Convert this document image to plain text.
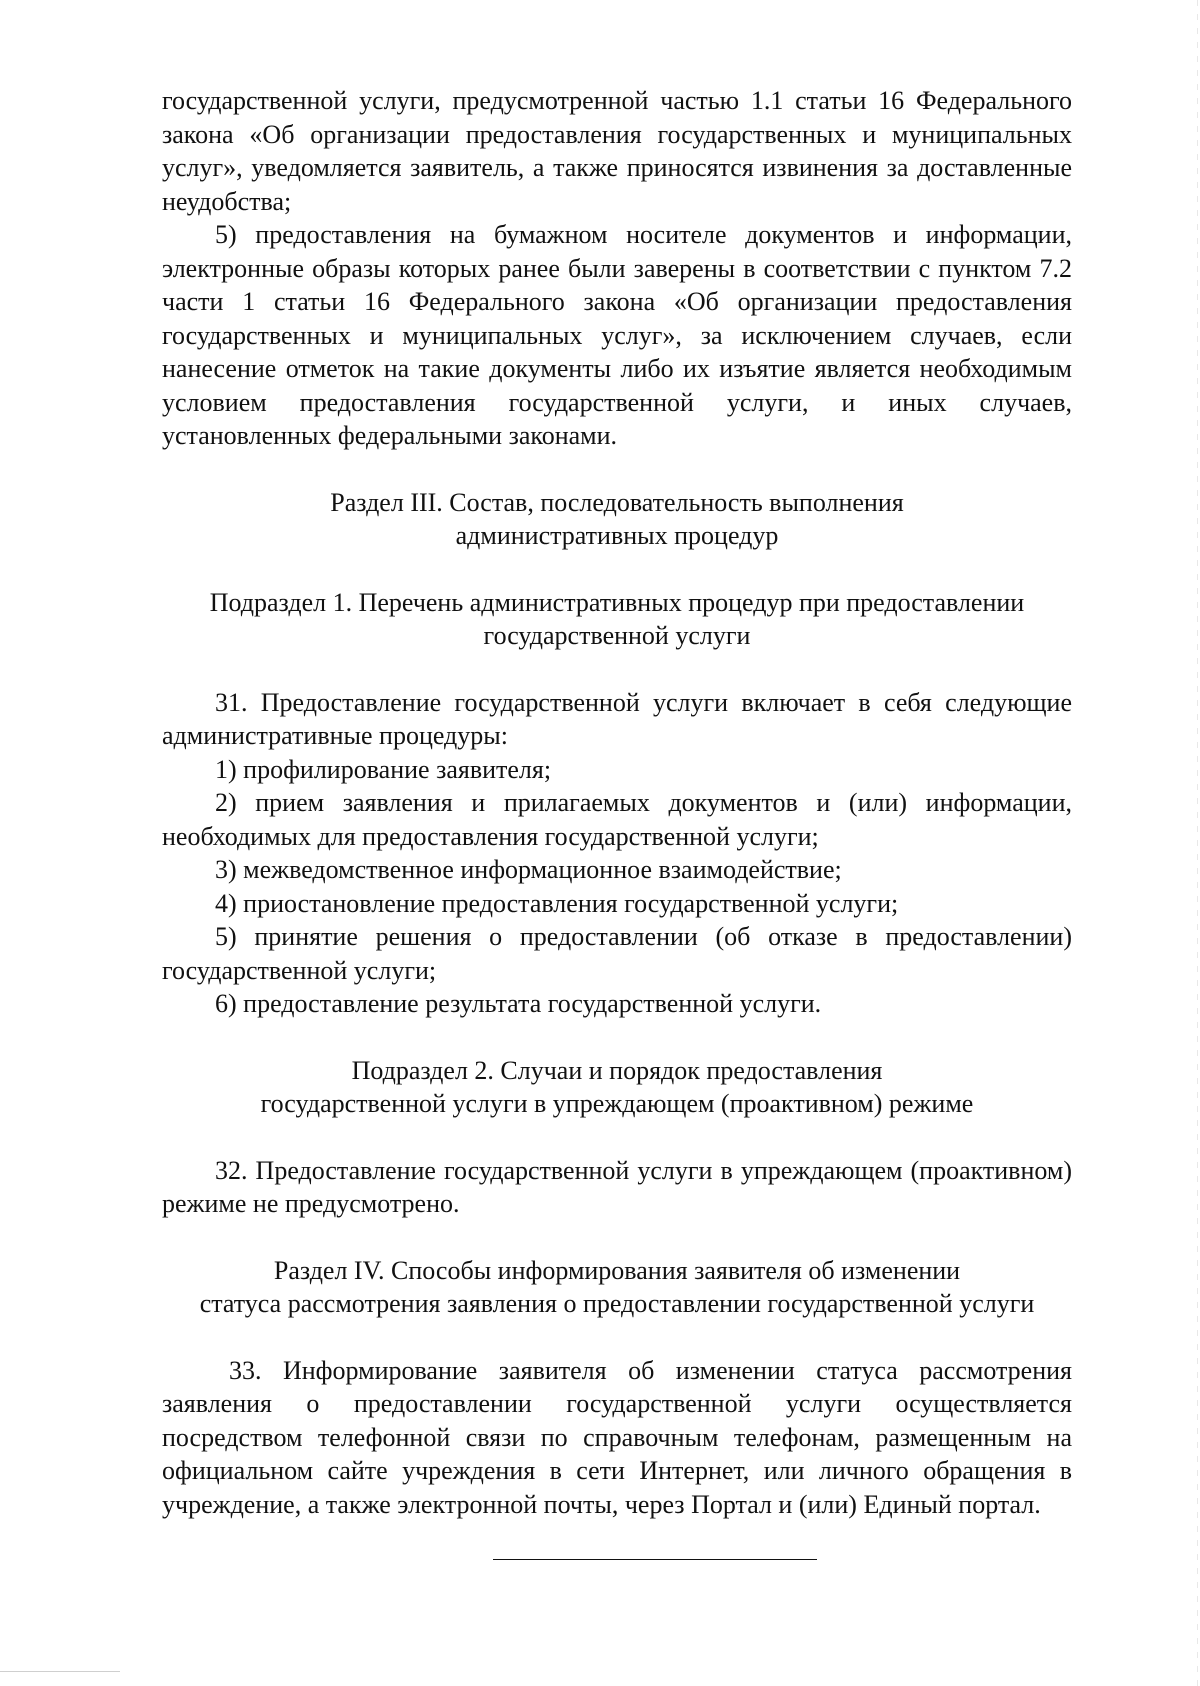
государственной услуги, предусмотренной частью 1.1 статьи 16 Федерального закона «Об организации предоставления государственных и муниципальных услуг», уведомляется заявитель, а также приносятся извинения за доставленные неудобства;

5) предоставления на бумажном носителе документов и информации, электронные образы которых ранее были заверены в соответствии с пунктом 7.2 части 1 статьи 16 Федерального закона «Об организации предоставления государственных и муниципальных услуг», за исключением случаев, если нанесение отметок на такие документы либо их изъятие является необходимым условием предоставления государственной услуги, и иных случаев, установленных федеральными законами.

Раздел III. Состав, последовательность выполнения
административных процедур
Подраздел 1. Перечень административных процедур при предоставлении
государственной услуги

31. Предоставление государственной услуги включает в себя следующие административные процедуры:

1) профилирование заявителя;

2) прием заявления и прилагаемых документов и (или) информации, необходимых для предоставления государственной услуги;

3) межведомственное информационное взаимодействие;

4) приостановление предоставления государственной услуги;

5) принятие решения о предоставлении (об отказе в предоставлении) государственной услуги;

6) предоставление результата государственной услуги.

Подраздел 2. Случаи и порядок предоставления
государственной услуги в упреждающем (проактивном) режиме

32. Предоставление государственной услуги в упреждающем (проактивном) режиме не предусмотрено.

Раздел IV. Способы информирования заявителя об изменении
статуса рассмотрения заявления о предоставлении государственной услуги

33. Информирование заявителя об изменении статуса рассмотрения заявления о предоставлении государственной услуги осуществляется посредством телефонной связи по справочным телефонам, размещенным на официальном сайте учреждения в сети Интернет, или личного обращения в учреждение, а также электронной почты, через Портал и (или) Единый портал.
